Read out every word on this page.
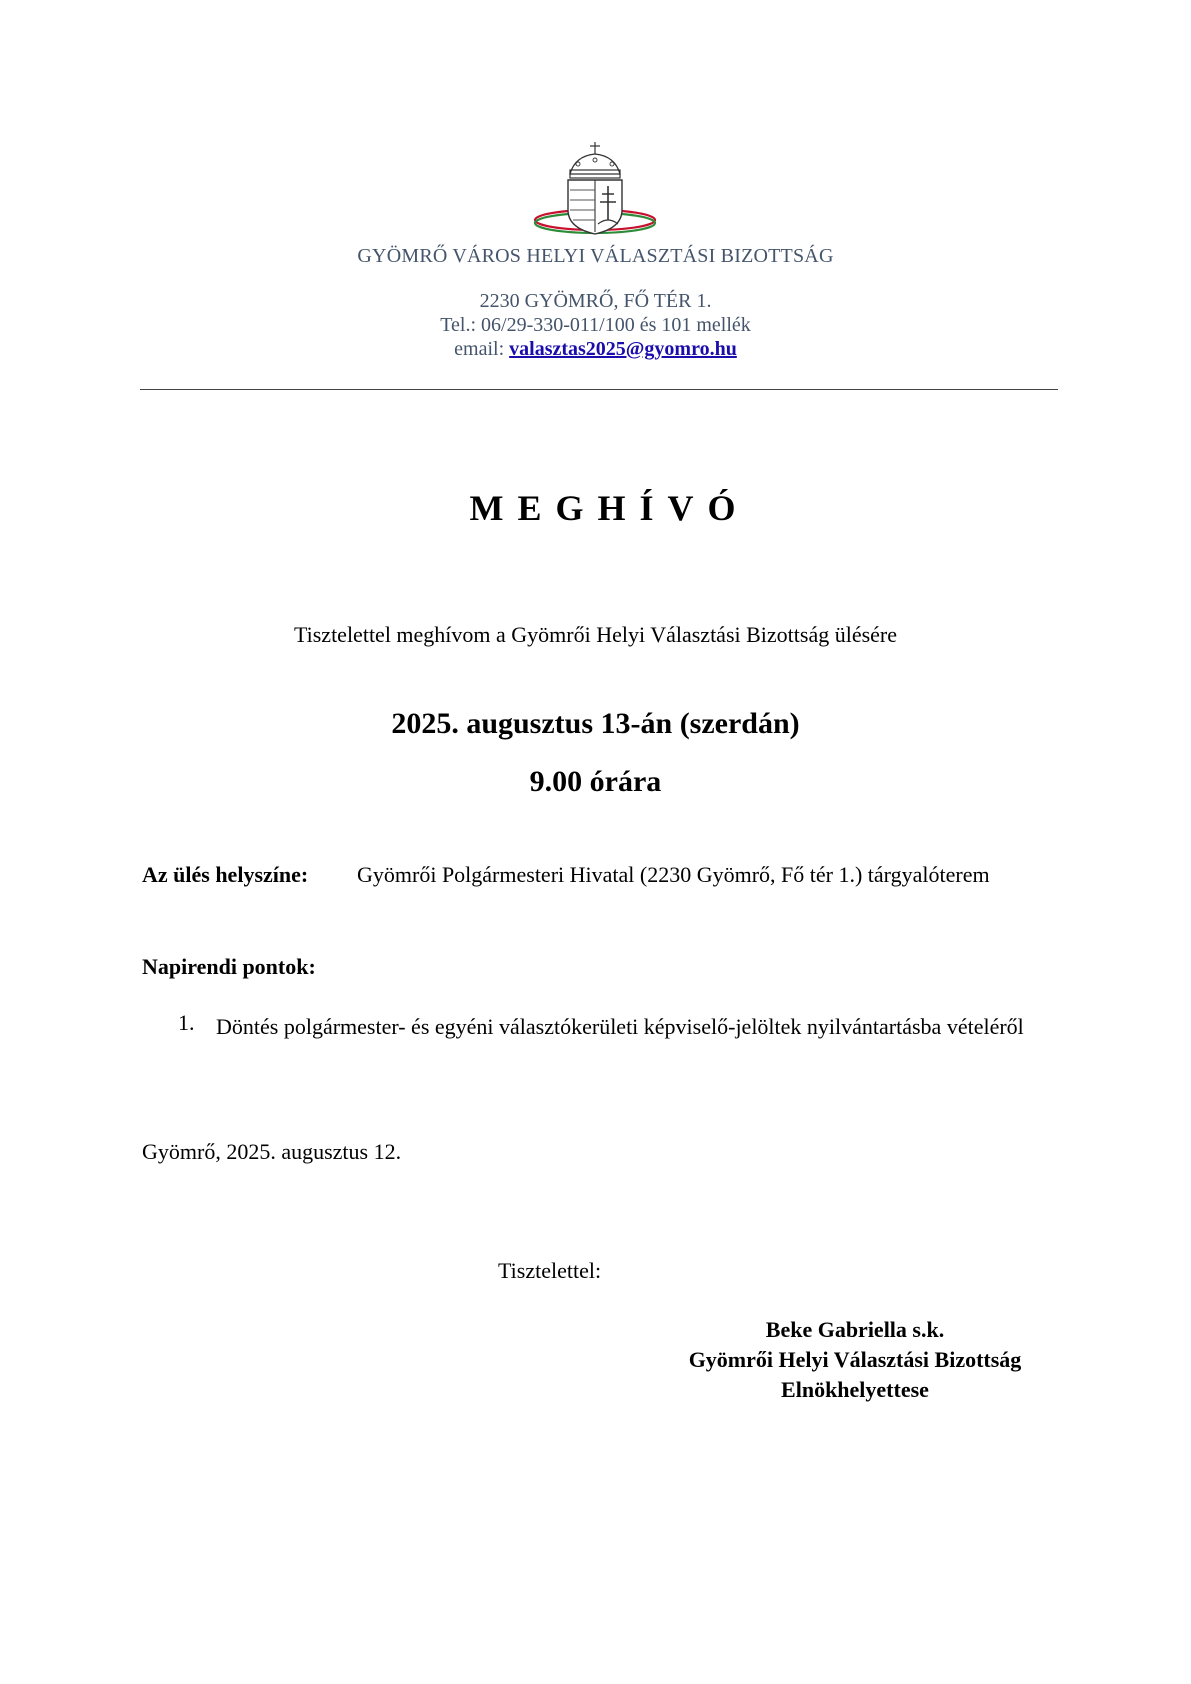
GYÖMRŐ VÁROS HELYI VÁLASZTÁSI BIZOTTSÁG
2230 GYÖMRŐ, FŐ TÉR 1.
Tel.: 06/29-330-011/100 és 101 mellék
email: valasztas2025@gyomro.hu
MEGHÍVÓ
Tisztelettel meghívom a Gyömrői Helyi Választási Bizottság ülésére
2025. augusztus 13-án (szerdán)
9.00 órára
Az ülés helyszíne: Gyömrői Polgármesteri Hivatal (2230 Gyömrő, Fő tér 1.) tárgyalóterem
Napirendi pontok:
1. Döntés polgármester- és egyéni választókerületi képviselő-jelöltek nyilvántartásba vételéről
Gyömrő, 2025. augusztus 12.
Tisztelettel:
Beke Gabriella s.k.
Gyömrői Helyi Választási Bizottság
Elnökhelyettese
